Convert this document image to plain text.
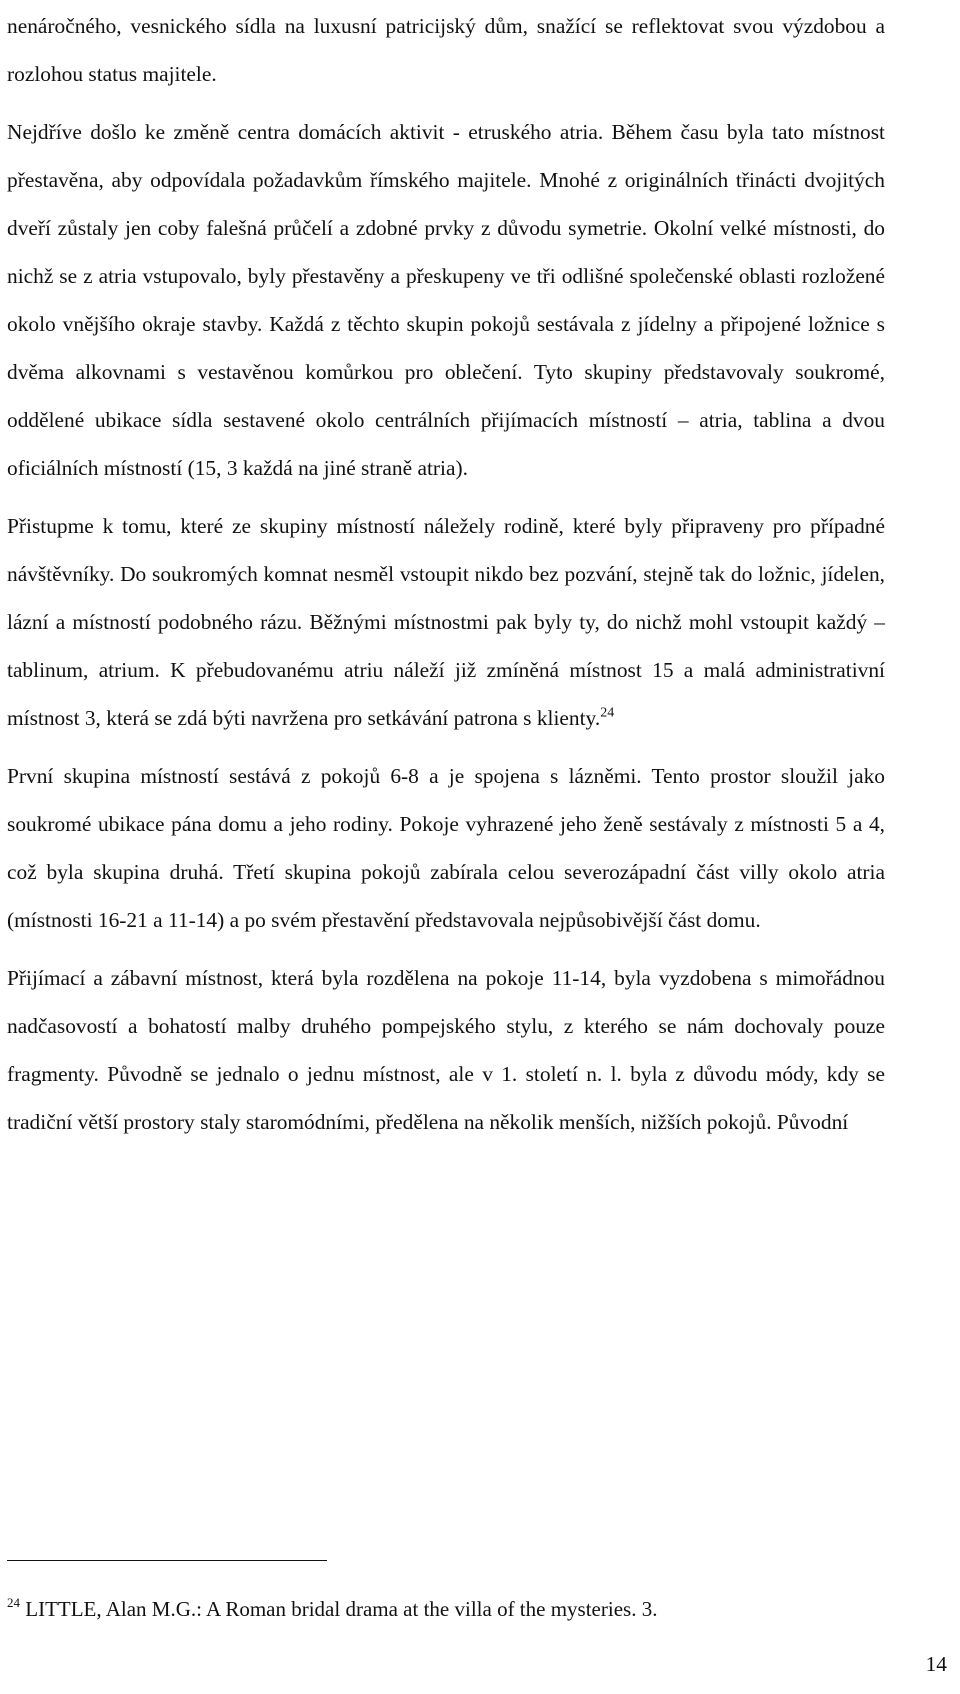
nenáročného, vesnického sídla na luxusní patricijský dům, snažící se reflektovat svou výzdobou a rozlohou status majitele.

Nejdříve došlo ke změně centra domácích aktivit - etruského atria. Během času byla tato místnost přestavěna, aby odpovídala požadavkům římského majitele. Mnohé z originálních třinácti dvojitých dveří zůstaly jen coby falešná průčelí a zdobné prvky z důvodu symetrie. Okolní velké místnosti, do nichž se z atria vstupovalo, byly přestavěny a přeskupeny ve tři odlišné společenské oblasti rozložené okolo vnějšího okraje stavby. Každá z těchto skupin pokojů sestávala z jídelny a připojené ložnice s dvěma alkovnami s vestavěnou komůrkou pro oblečení. Tyto skupiny představovaly soukromé, oddělené ubikace sídla sestavené okolo centrálních přijímacích místností – atria, tablina a dvou oficiálních místností (15, 3 každá na jiné straně atria).

Přistupme k tomu, které ze skupiny místností náležely rodině, které byly připraveny pro případné návštěvníky. Do soukromých komnat nesměl vstoupit nikdo bez pozvání, stejně tak do ložnic, jídelen, lázní a místností podobného rázu. Běžnými místnostmi pak byly ty, do nichž mohl vstoupit každý – tablinum, atrium. K přebudovanému atriu náleží již zmíněná místnost 15 a malá administrativní místnost 3, která se zdá býti navržena pro setkávání patrona s klienty.$^{24}$

První skupina místností sestává z pokojů 6-8 a je spojena s lázněmi. Tento prostor sloužil jako soukromé ubikace pána domu a jeho rodiny. Pokoje vyhrazené jeho ženě sestávaly z místnosti 5 a 4, což byla skupina druhá. Třetí skupina pokojů zabírala celou severozápadní část villy okolo atria (místnosti 16-21 a 11-14) a po svém přestavění představovala nejpůsobivější část domu.

Přijímací a zábavní místnost, která byla rozdělena na pokoje 11-14, byla vyzdobena s mimořádnou nadčasovostí a bohatostí malby druhého pompejského stylu, z kterého se nám dochovaly pouze fragmenty. Původně se jednalo o jednu místnost, ale v 1. století n. l. byla z důvodu módy, kdy se tradiční větší prostory staly staromódními, předělena na několik menších, nižších pokojů. Původní

$^{24}$ LITTLE, Alan M.G.: A Roman bridal drama at the villa of the mysteries. 3.
14
